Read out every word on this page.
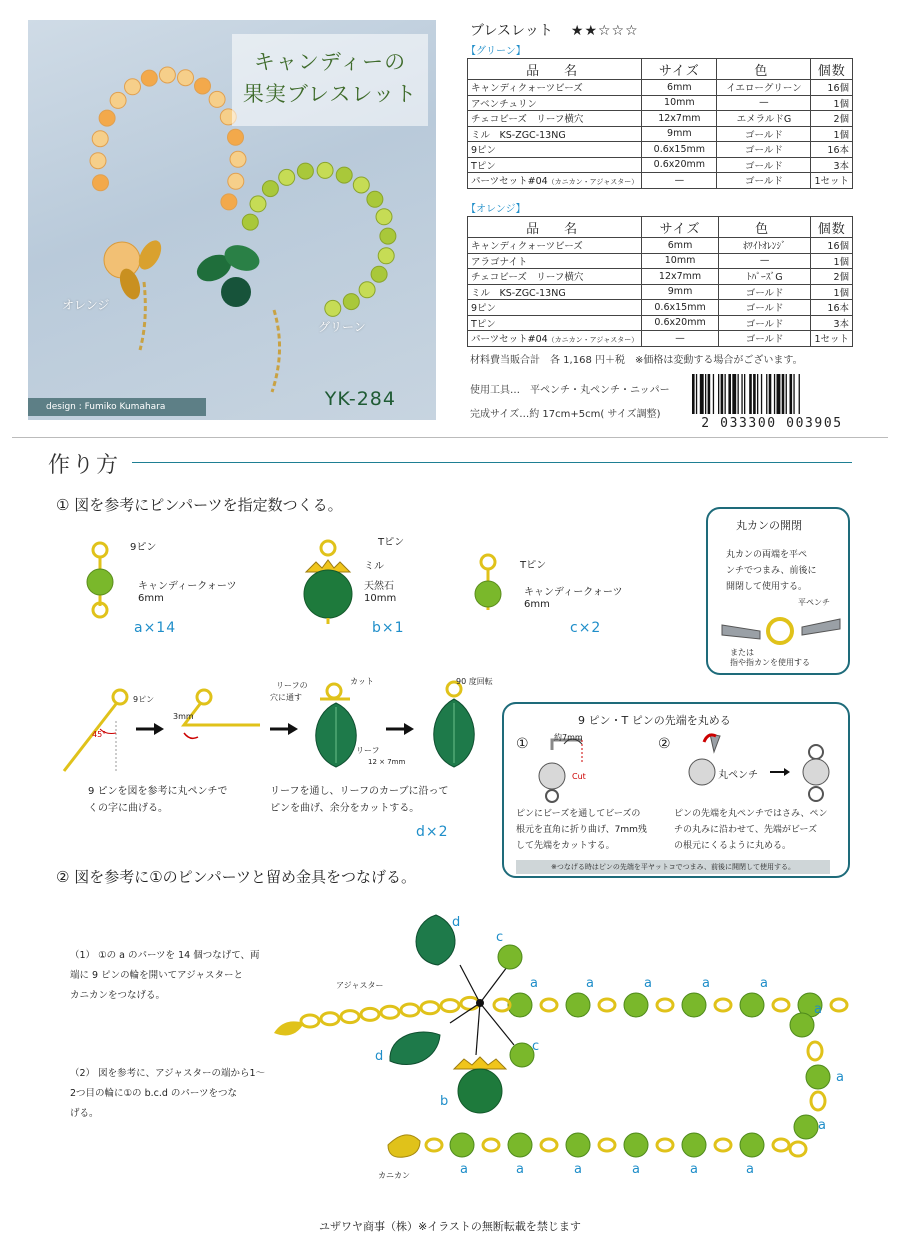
キャンディーの
果実ブレスレット
オレンジ
グリーン
design : Fumiko Kumahara	YK-284
ブレスレット ★★☆☆☆
【グリーン】
品　名	サイズ	色	個数
キャンディクォーツビーズ	6mm	イエローグリーン	16個
アベンチュリン	10mm	—	1個
チェコビーズ　リーフ横穴	12x7mm	エメラルドG	2個
ミル　KS-ZGC-13NG	9mm	ゴールド	1個
9ピン	0.6x15mm	ゴールド	16本
Tピン	0.6x20mm	ゴールド	3本
パーツセット#04（カニカン・アジャスター）	—	ゴールド	1セット
【オレンジ】
品　名	サイズ	色	個数
キャンディクォーツビーズ	6mm	ﾎﾜｲﾄｵﾚﾝｼﾞ	16個
アラゴナイト	10mm	—	1個
チェコビーズ　リーフ横穴	12x7mm	ﾄﾊﾟｰｽﾞG	2個
ミル　KS-ZGC-13NG	9mm	ゴールド	1個
9ピン	0.6x15mm	ゴールド	16本
Tピン	0.6x20mm	ゴールド	3本
パーツセット#04（カニカン・アジャスター）	—	ゴールド	1セット
材料費当販合計　各 1,168 円＋税　※価格は変動する場合がございます。
使用工具…　平ペンチ・丸ペンチ・ニッパー
完成サイズ…約 17cm+5cm( サイズ調整)
2 033300 003905
作り方
① 図を参考にピンパーツを指定数つくる。
9ピン
キャンディークォーツ
6mm
a×14
Tピン
ミル
天然石
10mm
b×1
Tピン
キャンディークォーツ
6mm
c×2
丸カンの開閉
丸カンの両端を平ペ
ンチでつまみ、前後に
開閉して使用する。
平ペンチ
または
指や指カンを使用する
9ピン
45°
3mm
リーフの
穴に通す
カット	90 度回転
リーフ
12 × 7mm
9 ピンを図を参考に丸ペンチで
くの字に曲げる。
リーフを通し、リーフのカーブに沿って
ピンを曲げ、余分をカットする。
d×2
9 ピン・T ピンの先端を丸める
①	②
約7mm
Cut	丸ペンチ
ピンにビーズを通してビーズの
根元を直角に折り曲げ、7mm残
して先端をカットする。
ピンの先端を丸ペンチではさみ、ペン
チの丸みに沿わせて、先端がビーズ
の根元にくるように丸める。
※つなげる時はピンの先端を平ヤットコでつまみ、前後に開閉して使用する。
② 図を参考に①のピンパーツと留め金具をつなげる。
（1） ①の a のパーツを 14 個つなげて、両
端に 9 ピンの輪を開いてアジャスターと
カニカンをつなげる。
（2） 図を参考に、アジャスターの端から1～
2つ目の輪に①の b.c.d のパーツをつな
げる。
アジャスター
カニカン
d
c
c
d
b
a	a	a	a	a
a
a
a
a	a	a	a	a	a
ユザワヤ商事（株）※イラストの無断転載を禁じます
